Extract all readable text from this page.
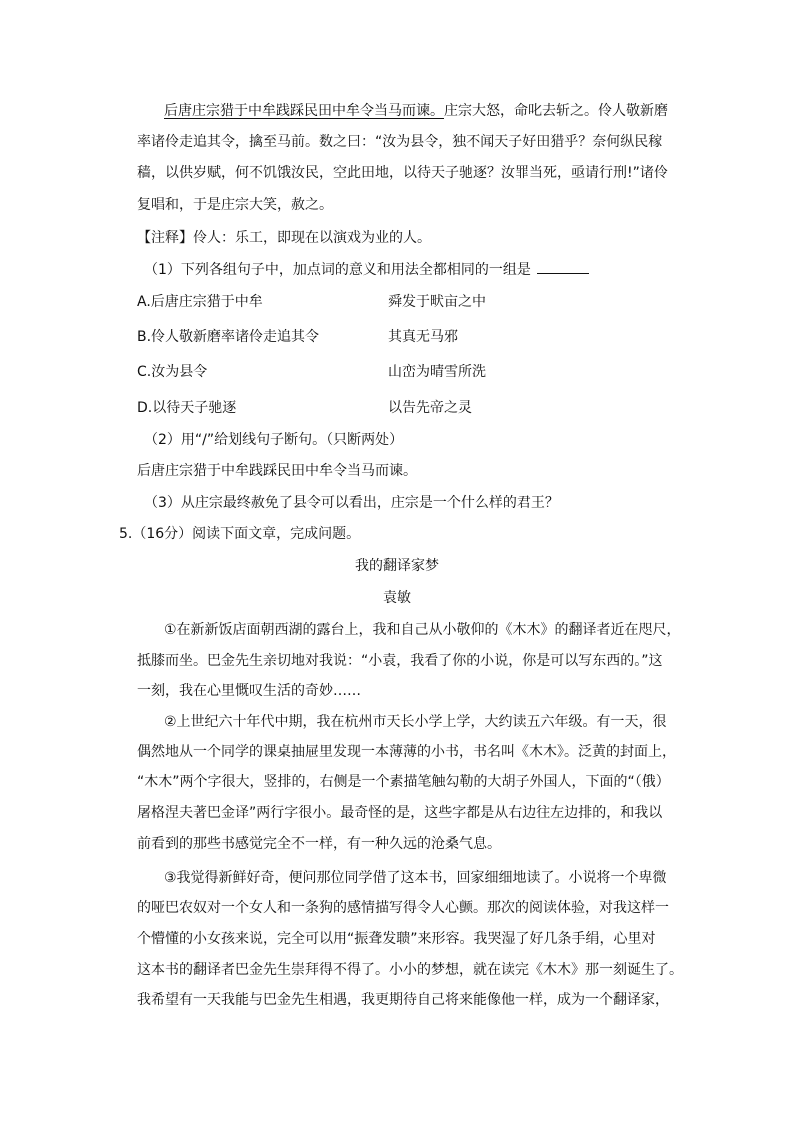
后唐庄宗猎于中牟践踩民田中牟令当马而谏。庄宗大怒，命叱去斩之。伶人敬新磨
率诸伶走追其令，擒至马前。数之曰：“汝为县令，独不闻天子好田猎乎？奈何纵民稼
穑，以供岁赋，何不饥饿汝民，空此田地，以待天子驰逐？汝罪当死，亟请行刑!”诸伶
复唱和，于是庄宗大笑，赦之。
【注释】伶人：乐工，即现在以演戏为业的人。
（1）下列各组句子中，加点词的意义和用法全都相同的一组是
A.后唐庄宗猎于中牟	舜发于畎亩之中
B.伶人敬新磨率诸伶走追其令	其真无马邪
C.汝为县令	山峦为晴雪所洗
D.以待天子驰逐	以告先帝之灵
（2）用“/”给划线句子断句。（只断两处）
后唐庄宗猎于中牟践踩民田中牟令当马而谏。
（3）从庄宗最终赦免了县令可以看出，庄宗是一个什么样的君王？
5.（16分）阅读下面文章，完成问题。
我的翻译家梦
袁敏
①在新新饭店面朝西湖的露台上，我和自己从小敬仰的《木木》的翻译者近在咫尺，
抵膝而坐。巴金先生亲切地对我说：“小袁，我看了你的小说，你是可以写东西的。”这
一刻，我在心里慨叹生活的奇妙……
②上世纪六十年代中期，我在杭州市天长小学上学，大约读五六年级。有一天，很
偶然地从一个同学的课桌抽屉里发现一本薄薄的小书，书名叫《木木》。泛黄的封面上，
“木木”两个字很大，竖排的，右侧是一个素描笔触勾勒的大胡子外国人，下面的“（俄）
屠格涅夫著巴金译”两行字很小。最奇怪的是，这些字都是从右边往左边排的，和我以
前看到的那些书感觉完全不一样，有一种久远的沧桑气息。
③我觉得新鲜好奇，便问那位同学借了这本书，回家细细地读了。小说将一个卑微
的哑巴农奴对一个女人和一条狗的感情描写得令人心颤。那次的阅读体验，对我这样一
个懵懂的小女孩来说，完全可以用“振聋发聩”来形容。我哭湿了好几条手绢，心里对
这本书的翻译者巴金先生崇拜得不得了。小小的梦想，就在读完《木木》那一刻诞生了。
我希望有一天我能与巴金先生相遇，我更期待自己将来能像他一样，成为一个翻译家，
